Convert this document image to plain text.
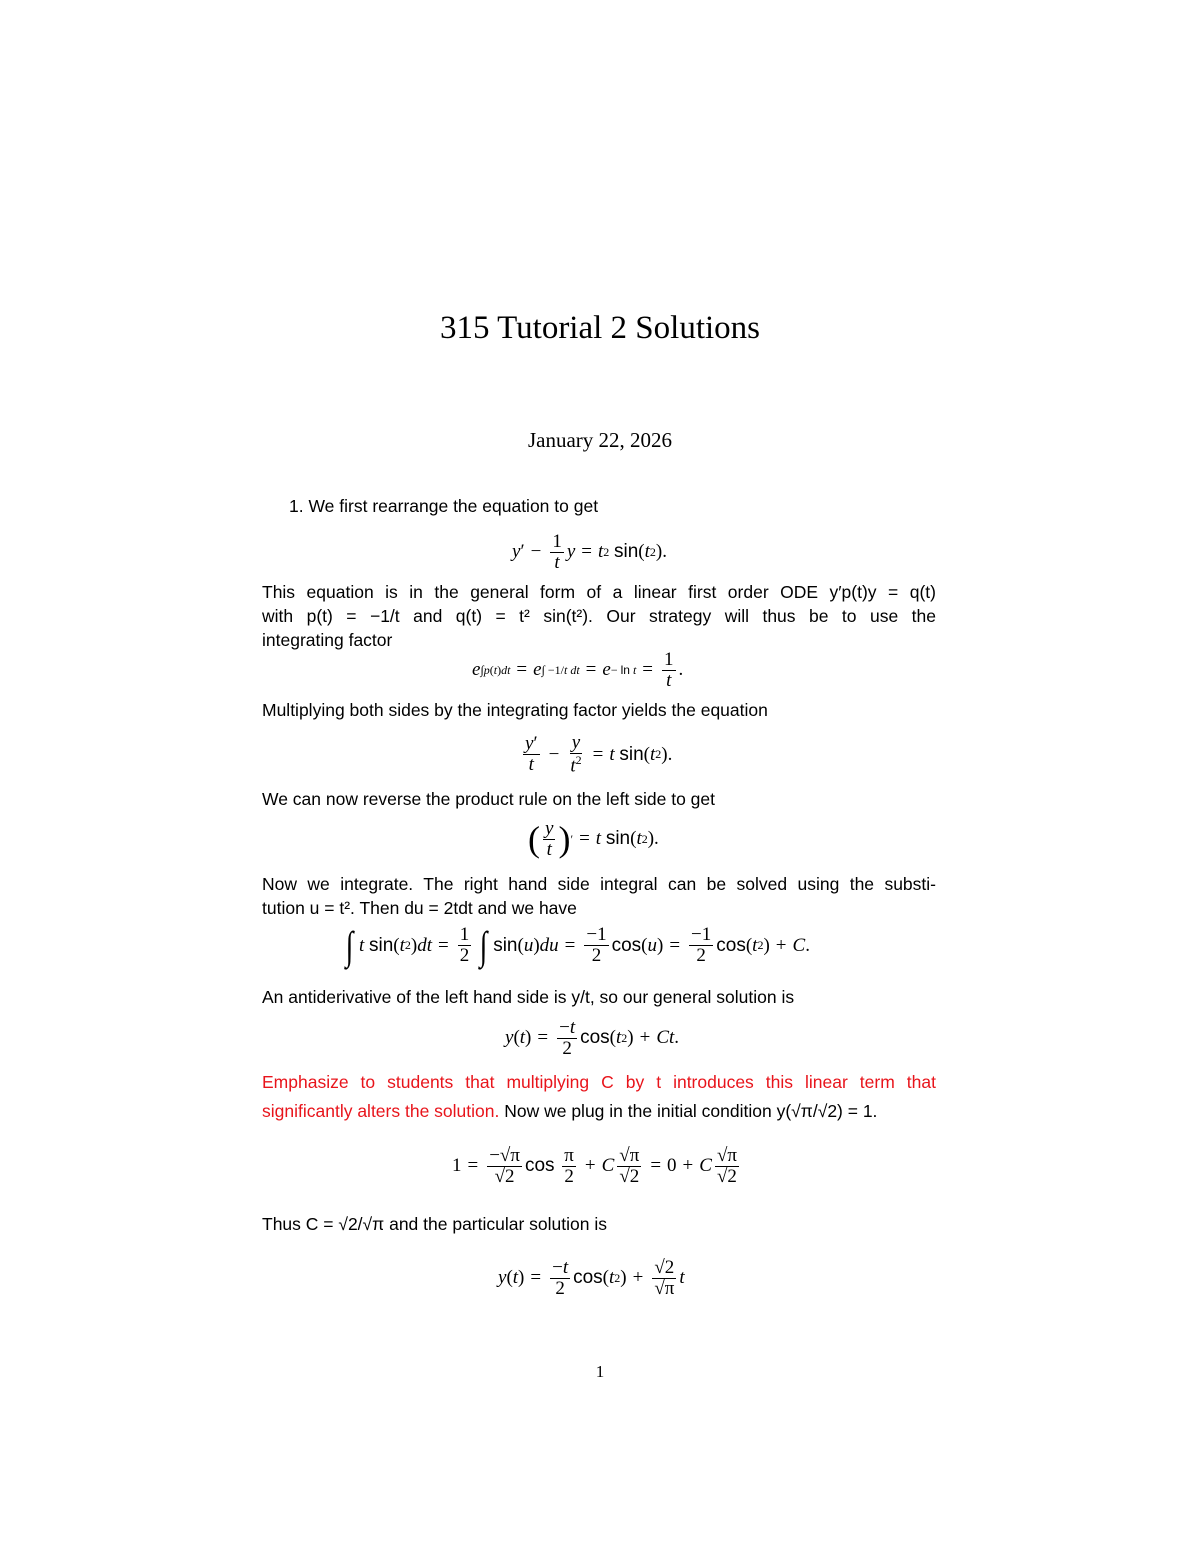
315 Tutorial 2 Solutions
January 22, 2026
1. We first rearrange the equation to get
y ′ − $\frac{1}{t}$ y = t 2
sin ( t 2 ).
This equation is in the general form of a linear first order ODE y′p(t)y = q(t)
with p(t) = −1/t and q(t) = t² sin(t²). Our strategy will thus be to use the
integrating factor
e ∫p(t)dt = e ∫ −1/t dt = $e - \ln t = \frac{1}{t}$ .
Multiplying both sides by the integrating factor yields the equation
$\frac{y'}{t} - \frac{y}{t^2} = t$
sin ( t 2 ).
We can now reverse the product rule on the left side to get
( $\frac{y}{t}$ ) ′ = t
sin ( t 2 ).
Now we integrate. The right hand side integral can be solved using the substi-
tution u = t². Then du = 2tdt and we have
∫ t
sin ( t 2 ) dt = $\frac{1}{2}$ ∫ sin ( u ) du = $\frac{-1}{2}$ cos ( u ) = $\frac{-1}{2}$ cos ( t 2 ) + C .
An antiderivative of the left hand side is y/t, so our general solution is
y ( t ) = $\frac{-t}{2}$ cos ( t 2 ) + Ct .
Emphasize to students that multiplying C by t introduces this linear term that
significantly alters the solution. Now we plug in the initial condition y(√π/√2) = 1.
$1 = \frac{-√\pi}{√2}$ cos
$\frac{\pi}{2} + C \frac{√\pi}{√2} = 0 + C \frac{√\pi}{√2}$
Thus C = √2/√π and the particular solution is
y ( t ) = $\frac{-t}{2}$ cos ( t 2 ) + $\frac{√2}{√\pi}$ t
1
